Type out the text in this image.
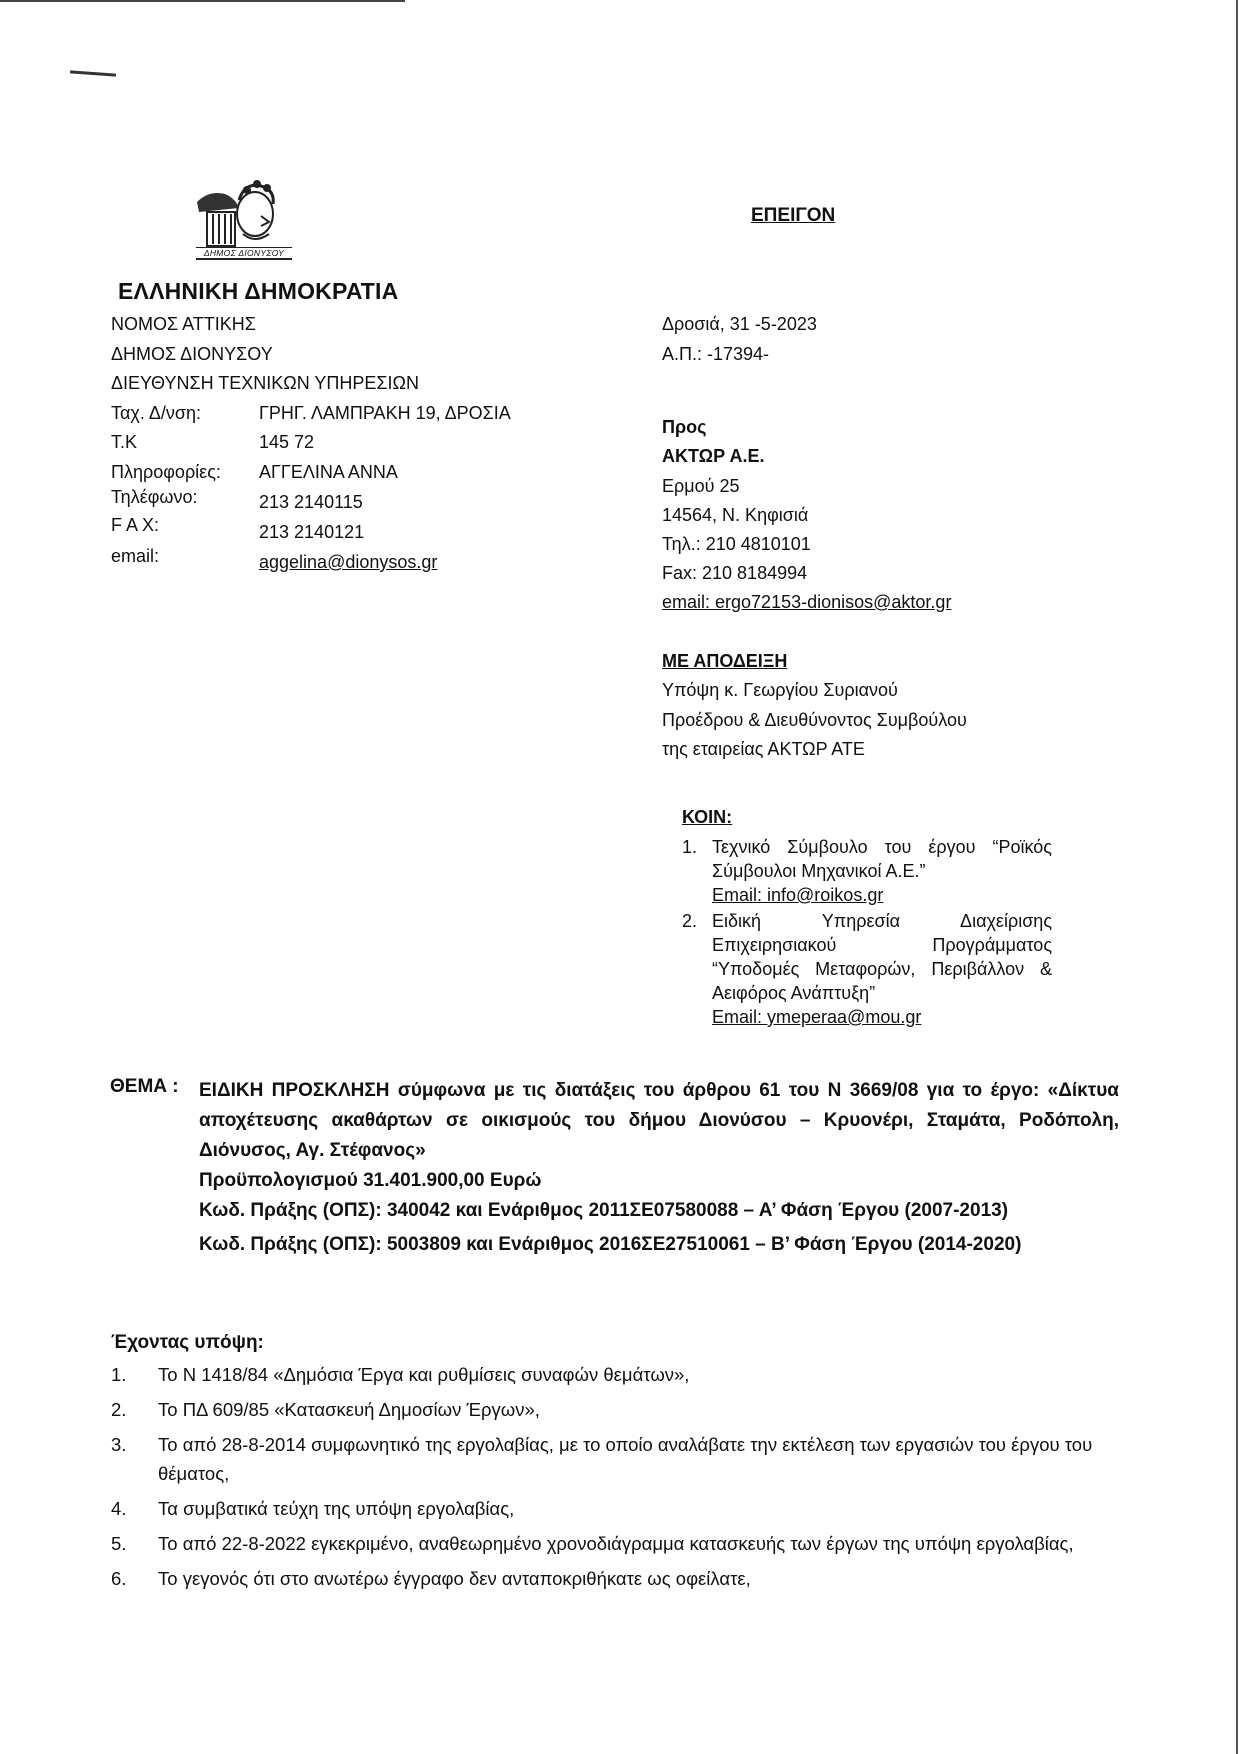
ΔΗΜΟΣ ΔΙΟΝΥΣΟΥ
ΕΛΛΗΝΙΚΗ ΔΗΜΟΚΡΑΤΙΑ
ΝΟΜΟΣ ΑΤΤΙΚΗΣ
ΔΗΜΟΣ ΔΙΟΝΥΣΟΥ
ΔΙΕΥΘΥΝΣΗ ΤΕΧΝΙΚΩΝ ΥΠΗΡΕΣΙΩΝ
Ταχ. Δ/νση:	ΓΡΗΓ. ΛΑΜΠΡΑΚΗ 19, ΔΡΟΣΙΑ
Τ.Κ	145 72
Πληροφορίες: ΑΓΓΕΛΙΝΑ ΑΝΝΑ
Τηλέφωνο:	213 2140115
F A X:	213 2140121
email:	aggelina@dionysos.gr
ΕΠΕΙΓΟΝ
Δροσιά, 31 -5-2023
Α.Π.: -17394-
Προς
ΑΚΤΩΡ Α.Ε.
Ερμού 25
14564, Ν. Κηφισιά
Τηλ.: 210 4810101
Fax: 210 8184994
email: ergo72153-dionisos@aktor.gr
ΜΕ ΑΠΟΔΕΙΞΗ
Υπόψη κ. Γεωργίου Συριανού
Προέδρου & Διευθύνοντος Συμβούλου
της εταιρείας ΑΚΤΩΡ ΑΤΕ
ΚΟΙΝ:
1. Τεχνικό Σύμβουλο του έργου “Ροϊκός Σύμβουλοι Μηχανικοί Α.Ε.”
Email: info@roikos.gr
2. Ειδική Υπηρεσία Διαχείρισης Επιχειρησιακού Προγράμματος “Υποδομές Μεταφορών, Περιβάλλον & Αειφόρος Ανάπτυξη”
Email: ymeperaa@mou.gr
ΘΕΜΑ : ΕΙΔΙΚΗ ΠΡΟΣΚΛΗΣΗ σύμφωνα με τις διατάξεις του άρθρου 61 του Ν 3669/08 για το έργο: «Δίκτυα αποχέτευσης ακαθάρτων σε οικισμούς του δήμου Διονύσου – Κρυονέρι, Σταμάτα, Ροδόπολη, Διόνυσος, Αγ. Στέφανος»
Προϋπολογισμού 31.401.900,00 Ευρώ
Κωδ. Πράξης (ΟΠΣ): 340042 και Ενάριθμος 2011ΣΕ07580088 – Α’ Φάση Έργου (2007-2013)
Κωδ. Πράξης (ΟΠΣ): 5003809 και Ενάριθμος 2016ΣΕ27510061 – Β’ Φάση Έργου (2014-2020)
Έχοντας υπόψη:
1. Το Ν 1418/84 «Δημόσια Έργα και ρυθμίσεις συναφών θεμάτων»,
2. Το ΠΔ 609/85 «Κατασκευή Δημοσίων Έργων»,
3. Το από 28-8-2014 συμφωνητικό της εργολαβίας, με το οποίο αναλάβατε την εκτέλεση των εργασιών του έργου του θέματος,
4. Τα συμβατικά τεύχη της υπόψη εργολαβίας,
5. Το από 22-8-2022 εγκεκριμένο, αναθεωρημένο χρονοδιάγραμμα κατασκευής των έργων της υπόψη εργολαβίας,
6. Το γεγονός ότι στο ανωτέρω έγγραφο δεν ανταποκριθήκατε ως οφείλατε,
